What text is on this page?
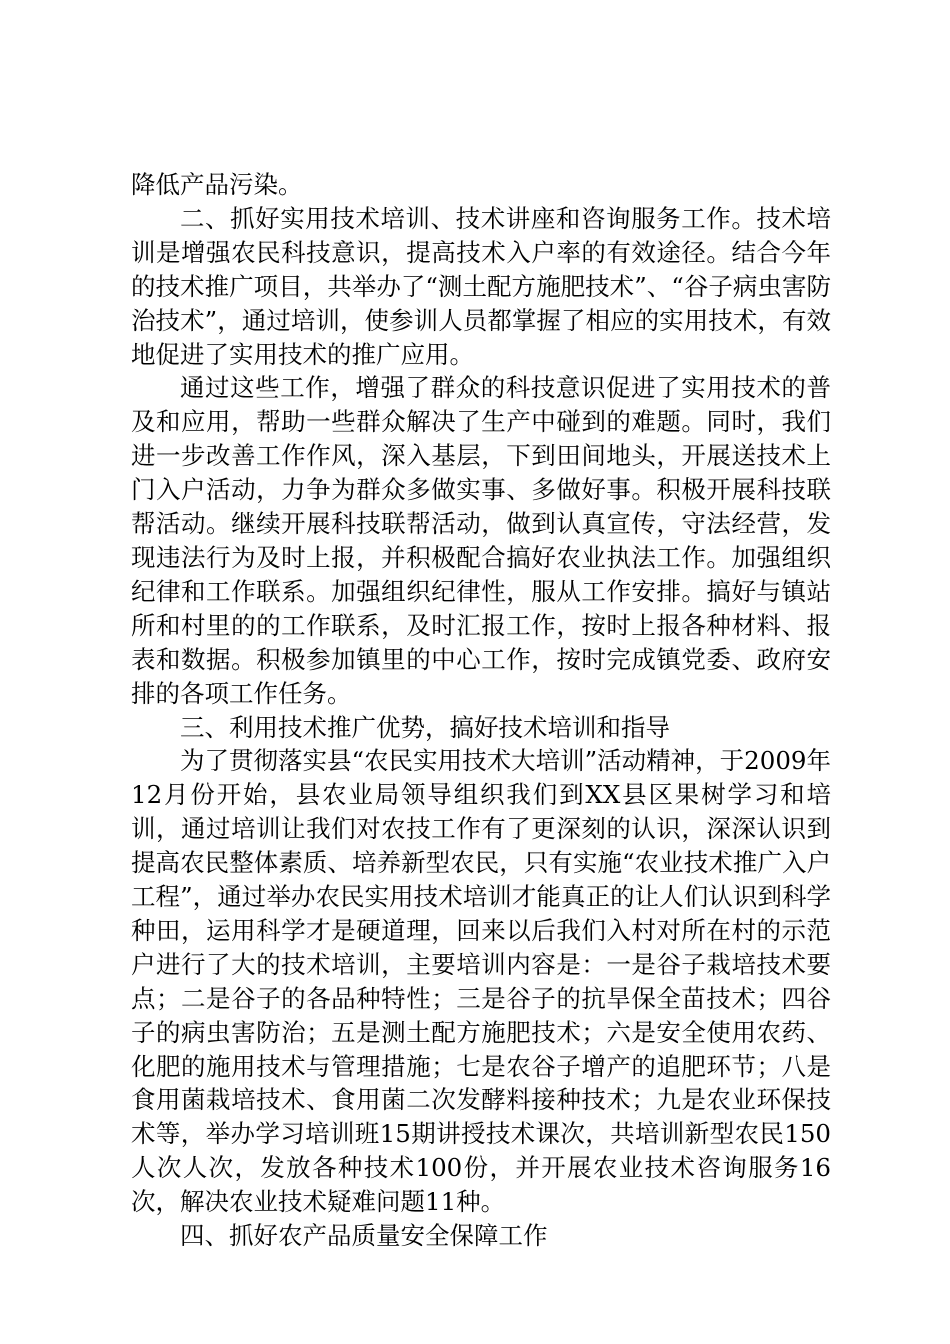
降低产品污染。

二、抓好实用技术培训、技术讲座和咨询服务工作。技术培训是增强农民科技意识，提高技术入户率的有效途径。结合今年的技术推广项目，共举办了“测土配方施肥技术”、“谷子病虫害防治技术”，通过培训，使参训人员都掌握了相应的实用技术，有效地促进了实用技术的推广应用。

通过这些工作，增强了群众的科技意识促进了实用技术的普及和应用，帮助一些群众解决了生产中碰到的难题。同时，我们进一步改善工作作风，深入基层，下到田间地头，开展送技术上门入户活动，力争为群众多做实事、多做好事。积极开展科技联帮活动。继续开展科技联帮活动，做到认真宣传，守法经营，发现违法行为及时上报，并积极配合搞好农业执法工作。加强组织纪律和工作联系。加强组织纪律性，服从工作安排。搞好与镇站所和村里的的工作联系，及时汇报工作，按时上报各种材料、报表和数据。积极参加镇里的中心工作，按时完成镇党委、政府安排的各项工作任务。

三、利用技术推广优势，搞好技术培训和指导

为了贯彻落实县“农民实用技术大培训”活动精神，于2009年12月份开始，县农业局领导组织我们到XX县区果树学习和培训，通过培训让我们对农技工作有了更深刻的认识，深深认识到提高农民整体素质、培养新型农民，只有实施“农业技术推广入户工程”，通过举办农民实用技术培训才能真正的让人们认识到科学种田，运用科学才是硬道理，回来以后我们入村对所在村的示范户进行了大的技术培训，主要培训内容是：一是谷子栽培技术要点；二是谷子的各品种特性；三是谷子的抗旱保全苗技术；四谷子的病虫害防治；五是测土配方施肥技术；六是安全使用农药、化肥的施用技术与管理措施；七是农谷子增产的追肥环节；八是食用菌栽培技术、食用菌二次发酵料接种技术；九是农业环保技术等，举办学习培训班15期讲授技术课次，共培训新型农民150人次人次，发放各种技术100份，并开展农业技术咨询服务16次，解决农业技术疑难问题11种。

四、抓好农产品质量安全保障工作
